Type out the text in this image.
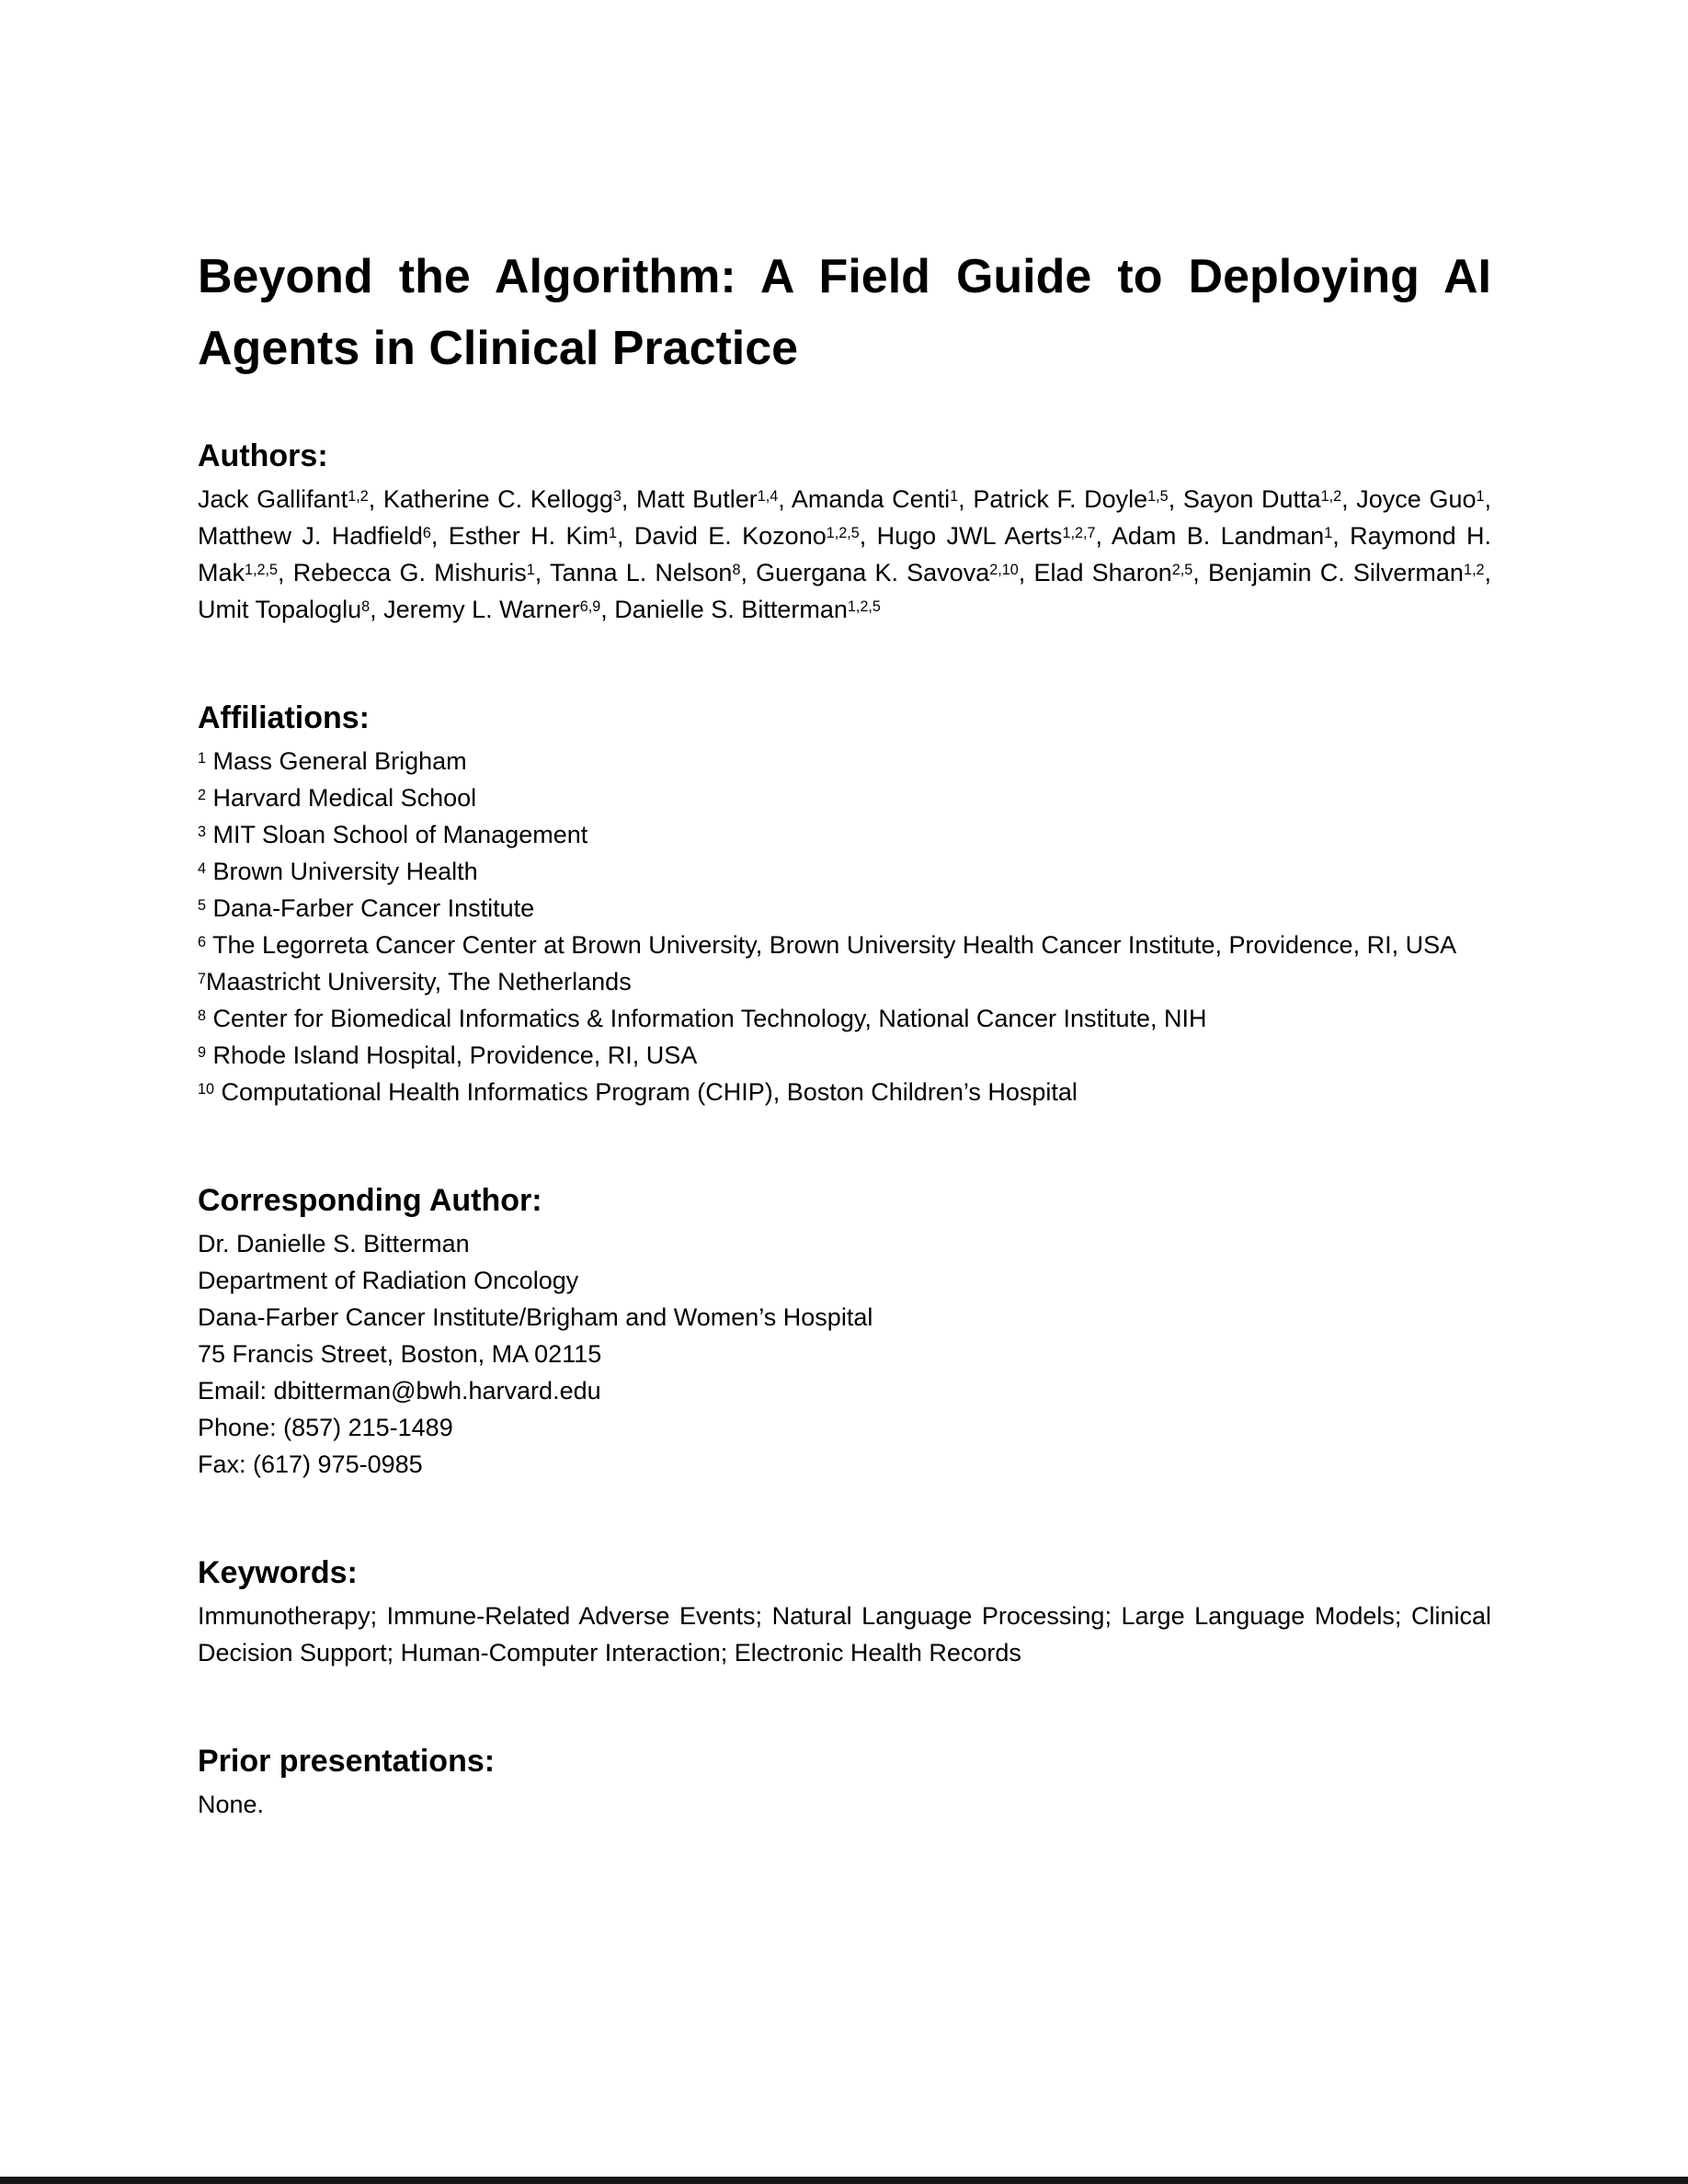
Beyond the Algorithm: A Field Guide to Deploying AI Agents in Clinical Practice
Authors:

Jack Gallifant$^{1,2}$, Katherine C. Kellogg$^3$, Matt Butler$^{1,4}$, Amanda Centi$^1$, Patrick F. Doyle$^{1,5}$, Sayon Dutta$^{1,2}$, Joyce Guo$^1$, Matthew J. Hadfield$^6$, Esther H. Kim$^1$, David E. Kozono$^{1,2,5}$, Hugo JWL Aerts$^{1,2,7}$, Adam B. Landman$^1$, Raymond H. Mak$^{1,2,5}$, Rebecca G. Mishuris$^1$, Tanna L. Nelson$^8$, Guergana K. Savova$^{2,10}$, Elad Sharon$^{2,5}$, Benjamin C. Silverman$^{1,2}$, Umit Topaloglu$^8$, Jeremy L. Warner$^{6,9}$, Danielle S. Bitterman$^{1,2,5}$

Affiliations:
$^1$ Mass General Brigham
$^2$ Harvard Medical School
$^3$ MIT Sloan School of Management
$^4$ Brown University Health
$^5$ Dana-Farber Cancer Institute
$^6$ The Legorreta Cancer Center at Brown University, Brown University Health Cancer Institute, Providence, RI, USA
$^7$Maastricht University, The Netherlands
$^8$ Center for Biomedical Informatics & Information Technology, National Cancer Institute, NIH
$^9$ Rhode Island Hospital, Providence, RI, USA
$^{10}$ Computational Health Informatics Program (CHIP), Boston Children’s Hospital
Corresponding Author:
Dr. Danielle S. Bitterman
Department of Radiation Oncology
Dana-Farber Cancer Institute/Brigham and Women’s Hospital
75 Francis Street, Boston, MA 02115
Email: dbitterman@bwh.harvard.edu
Phone: (857) 215-1489
Fax: (617) 975-0985
Keywords:

Immunotherapy; Immune-Related Adverse Events; Natural Language Processing; Large Language Models; Clinical Decision Support; Human-Computer Interaction; Electronic Health Records

Prior presentations:

None.
